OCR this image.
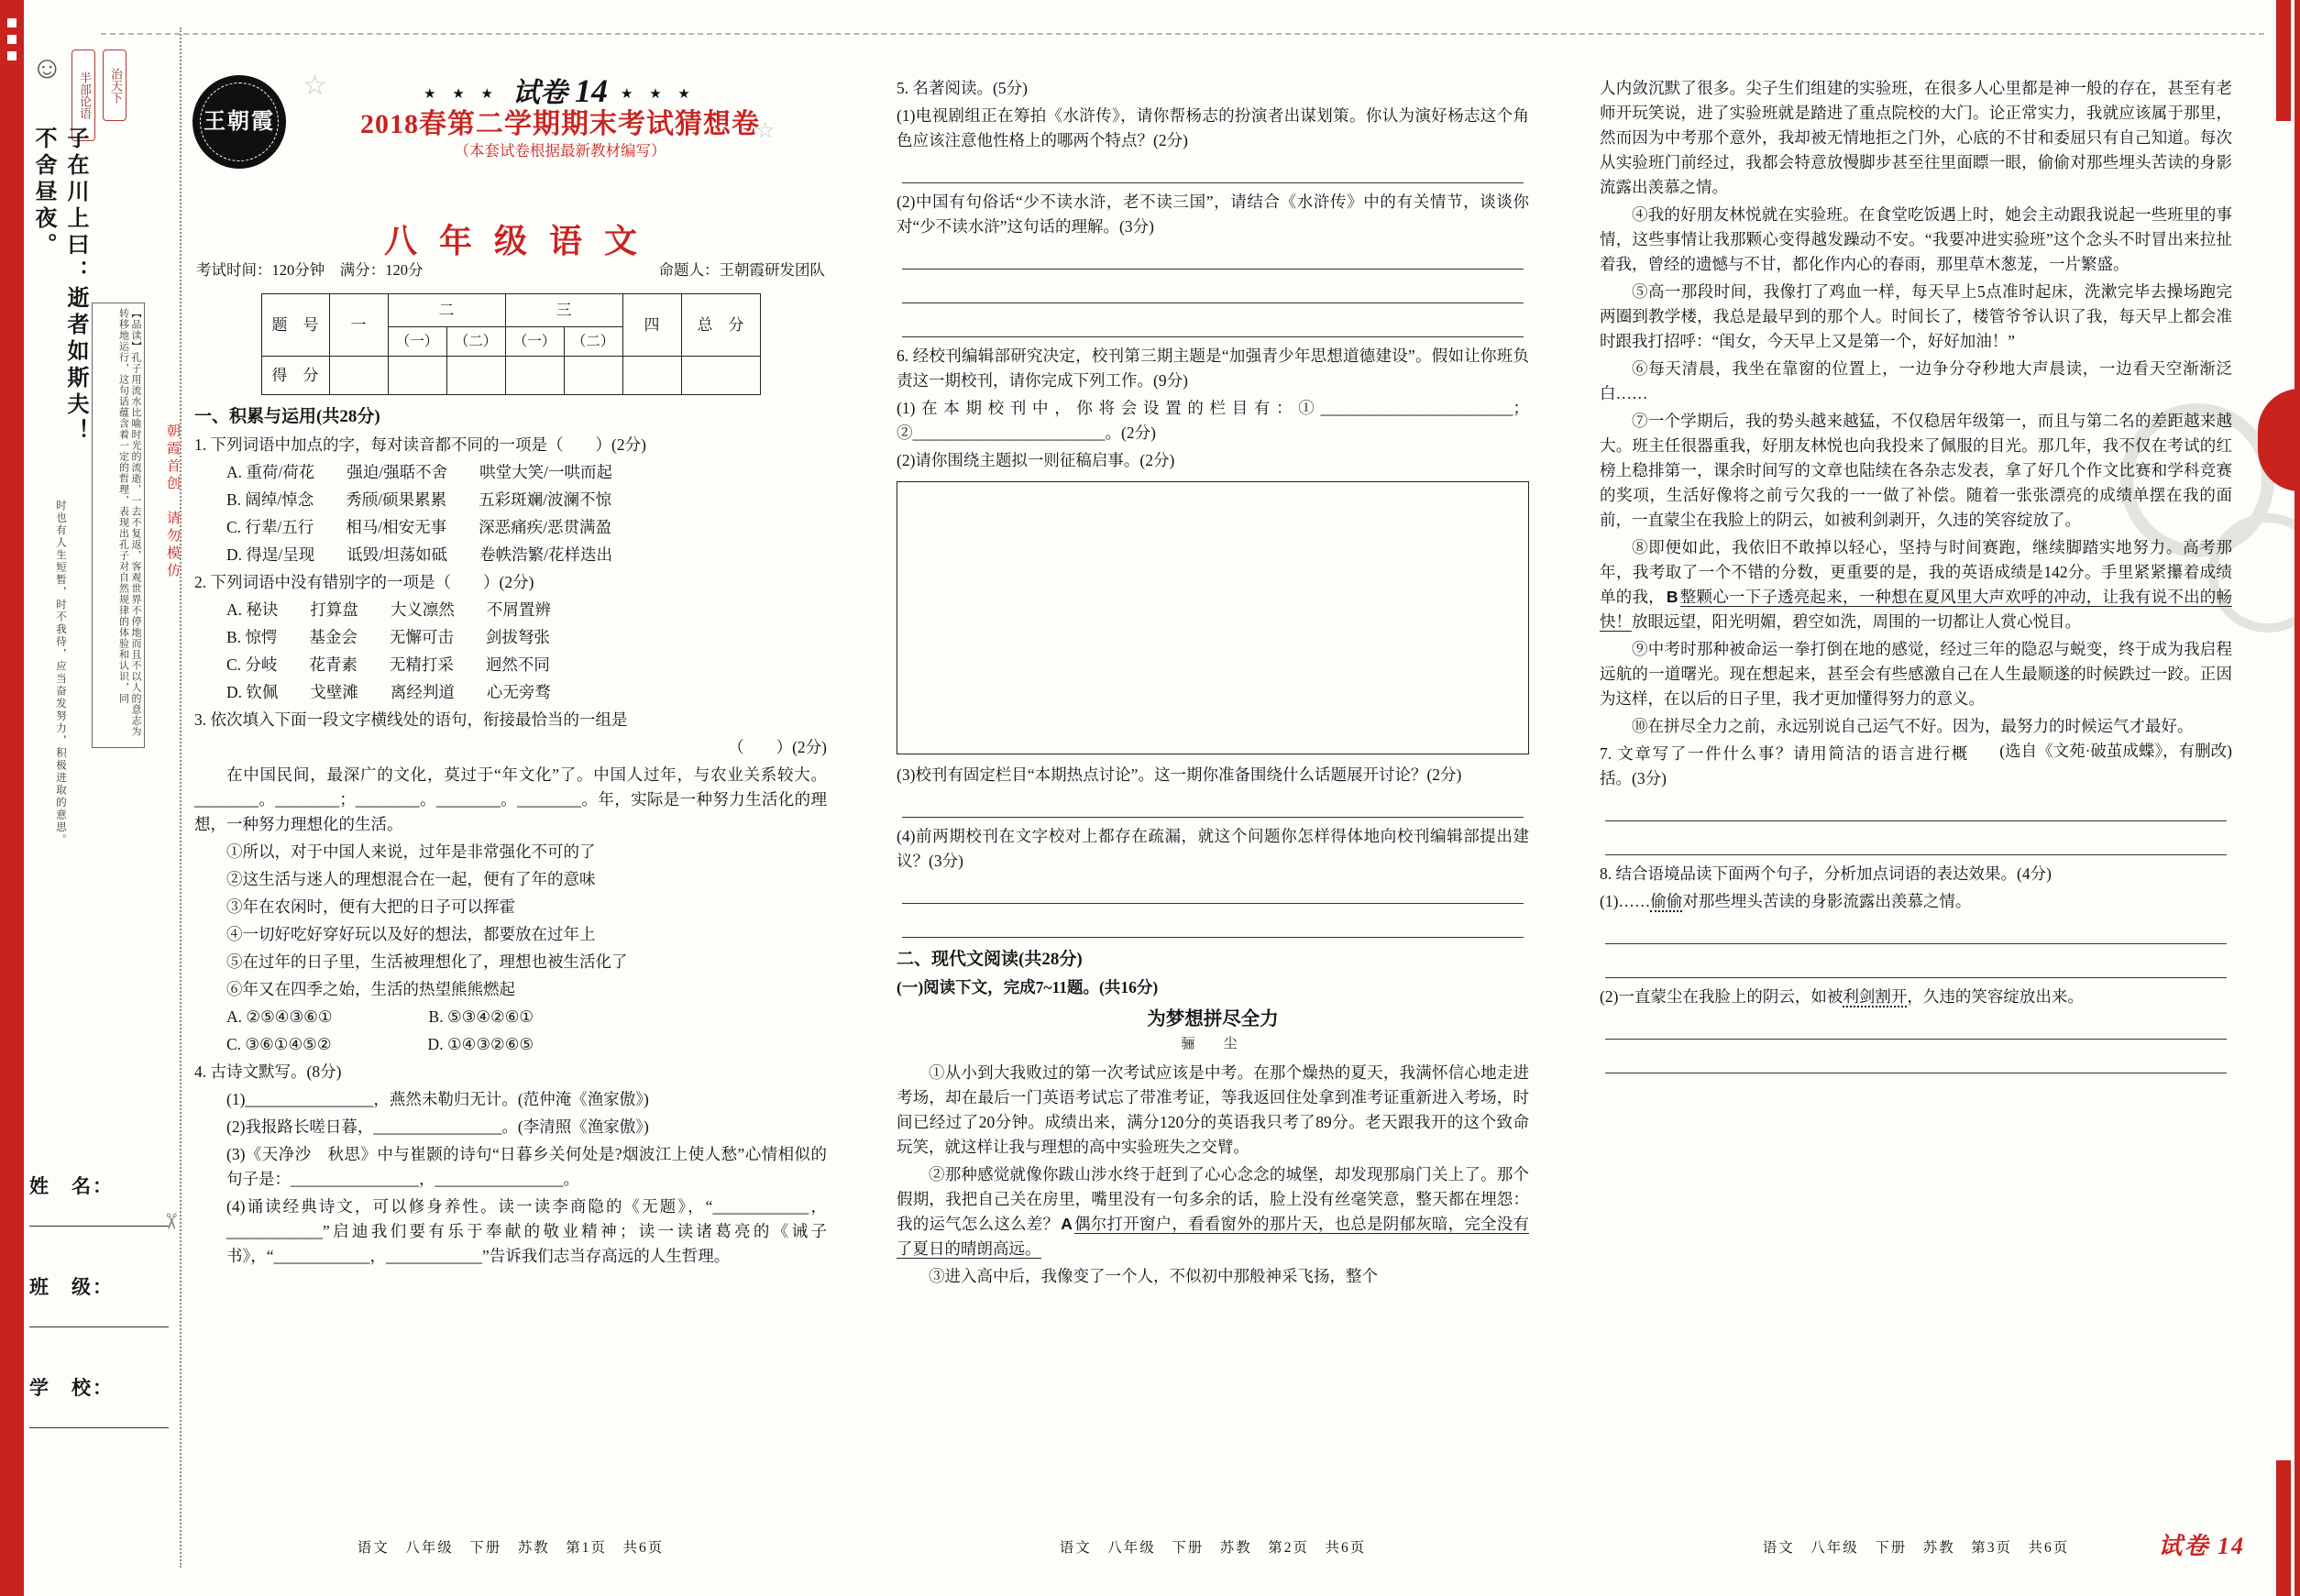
朝霞首创　请勿模仿
✂
☺
半部论语	治天下
子在川上曰：逝者如斯夫！不舍昼夜。
【品读】孔子用流水比喻时光的流逝，一去不复返，客观世界不停地而且不以人的意志为转移地运行，这句话蕴含着一定的哲理，表现出孔子对自然规律的体验和认识，同
时也有人生短暂，时不我待，应当奋发努力，积极进取的意思。
姓　名：
班　级：
学　校：
王朝霞
☆
☆
★ ★ ★ 试卷 14 ★ ★ ★
2018春第二学期期末考试猜想卷
（本套试卷根据最新教材编写）
八年级语文
考试时间：120分钟　满分：120分	命题人：王朝霞研发团队
题　号	一	二		三		四	总　分
		（一）	（二）	（一）	（二）		
得　分							
一、积累与运用(共28分)

1. 下列词语中加点的字，每对读音都不同的一项是（　　）(2分)

A. 重荷/荷花　　强迫/强聒不舍　　哄堂大笑/一哄而起

B. 阔绰/悼念　　秀颀/硕果累累　　五彩斑斓/波澜不惊

C. 行辈/五行　　相马/相安无事　　深恶痛疾/恶贯满盈

D. 得逞/呈现　　诋毁/坦荡如砥　　卷帙浩繁/花样迭出

2. 下列词语中没有错别字的一项是（　　）(2分)

A. 秘诀　　打算盘　　大义凛然　　不屑置辨

B. 惊愕　　基金会　　无懈可击　　剑拔弩张

C. 分岐　　花青素　　无精打采　　迥然不同

D. 钦佩　　戈壁滩　　离经判道　　心无旁骛

3. 依次填入下面一段文字横线处的语句，衔接最恰当的一组是

（　　）(2分)

在中国民间，最深广的文化，莫过于“年文化”了。中国人过年，与农业关系较大。________。________；________。________。________。年，实际是一种努力生活化的理想，一种努力理想化的生活。

①所以，对于中国人来说，过年是非常强化不可的了

②这生活与迷人的理想混合在一起，便有了年的意味

③年在农闲时，便有大把的日子可以挥霍

④一切好吃好穿好玩以及好的想法，都要放在过年上

⑤在过年的日子里，生活被理想化了，理想也被生活化了

⑥年又在四季之始，生活的热望熊熊燃起

A. ②⑤④③⑥①　　　　　　B. ⑤③④②⑥①

C. ③⑥①④⑤②　　　　　　D. ①④③②⑥⑤

4. 古诗文默写。(8分)

(1)________________，燕然未勒归无计。(范仲淹《渔家傲》)

(2)我报路长嗟日暮，________________。(李清照《渔家傲》)

(3)《天净沙　秋思》中与崔颢的诗句“日暮乡关何处是?烟波江上使人愁”心情相似的句子是：________________，________________。

(4)诵读经典诗文，可以修身养性。读一读李商隐的《无题》，“____________，____________”启迪我们要有乐于奉献的敬业精神；读一读诸葛亮的《诫子书》，“____________，____________”告诉我们志当存高远的人生哲理。

5. 名著阅读。(5分)

(1)电视剧组正在筹拍《水浒传》，请你帮杨志的扮演者出谋划策。你认为演好杨志这个角色应该注意他性格上的哪两个特点？(2分)

(2)中国有句俗话“少不读水浒，老不读三国”，请结合《水浒传》中的有关情节，谈谈你对“少不读水浒”这句话的理解。(3分)

6. 经校刊编辑部研究决定，校刊第三期主题是“加强青少年思想道德建设”。假如让你班负责这一期校刊，请你完成下列工作。(9分)

(1)在本期校刊中，你将会设置的栏目有：①________________________；②________________________。(2分)

(2)请你围绕主题拟一则征稿启事。(2分)

(3)校刊有固定栏目“本期热点讨论”。这一期你准备围绕什么话题展开讨论？(2分)

(4)前两期校刊在文字校对上都存在疏漏，就这个问题你怎样得体地向校刊编辑部提出建议？(3分)

二、现代文阅读(共28分)

(一)阅读下文，完成7~11题。(共16分)

为梦想拼尽全力
骊　尘

①从小到大我败过的第一次考试应该是中考。在那个燥热的夏天，我满怀信心地走进考场，却在最后一门英语考试忘了带准考证，等我返回住处拿到准考证重新进入考场，时间已经过了20分钟。成绩出来，满分120分的英语我只考了89分。老天跟我开的这个致命玩笑，就这样让我与理想的高中实验班失之交臂。

②那种感觉就像你跋山涉水终于赶到了心心念念的城堡，却发现那扇门关上了。那个假期，我把自己关在房里，嘴里没有一句多余的话，脸上没有丝毫笑意，整天都在埋怨：我的运气怎么这么差？ A 偶尔打开窗户，看看窗外的那片天，也总是阴郁灰暗，完全没有了夏日的晴朗高远。

③进入高中后，我像变了一个人，不似初中那般神采飞扬，整个

人内敛沉默了很多。尖子生们组建的实验班，在很多人心里都是神一般的存在，甚至有老师开玩笑说，进了实验班就是踏进了重点院校的大门。论正常实力，我就应该属于那里，然而因为中考那个意外，我却被无情地拒之门外，心底的不甘和委屈只有自己知道。每次从实验班门前经过，我都会特意放慢脚步甚至往里面瞟一眼，偷偷对那些埋头苦读的身影流露出羡慕之情。

④我的好朋友林悦就在实验班。在食堂吃饭遇上时，她会主动跟我说起一些班里的事情，这些事情让我那颗心变得越发躁动不安。“我要冲进实验班”这个念头不时冒出来拉扯着我，曾经的遗憾与不甘，都化作内心的春雨，那里草木葱茏，一片繁盛。

⑤高一那段时间，我像打了鸡血一样，每天早上5点准时起床，洗漱完毕去操场跑完两圈到教学楼，我总是最早到的那个人。时间长了，楼管爷爷认识了我，每天早上都会准时跟我打招呼：“闺女，今天早上又是第一个，好好加油！”

⑥每天清晨，我坐在靠窗的位置上，一边争分夺秒地大声晨读，一边看天空渐渐泛白……

⑦一个学期后，我的势头越来越猛，不仅稳居年级第一，而且与第二名的差距越来越大。班主任很器重我，好朋友林悦也向我投来了佩服的目光。那几年，我不仅在考试的红榜上稳排第一，课余时间写的文章也陆续在各杂志发表，拿了好几个作文比赛和学科竞赛的奖项，生活好像将之前亏欠我的一一做了补偿。随着一张张漂亮的成绩单摆在我的面前，一直蒙尘在我脸上的阴云，如被利剑剥开，久违的笑容绽放了。

⑧即便如此，我依旧不敢掉以轻心，坚持与时间赛跑，继续脚踏实地努力。高考那年，我考取了一个不错的分数，更重要的是，我的英语成绩是142分。手里紧紧攥着成绩单的我， B 整颗心一下子透亮起来，一种想在夏风里大声欢呼的冲动，让我有说不出的畅快！放眼远望，阳光明媚，碧空如洗，周围的一切都让人赏心悦目。

⑨中考时那种被命运一拳打倒在地的感觉，经过三年的隐忍与蜕变，终于成为我启程远航的一道曙光。现在想起来，甚至会有些感激自己在人生最顺遂的时候跌过一跤。正因为这样，在以后的日子里，我才更加懂得努力的意义。

⑩在拼尽全力之前，永远别说自己运气不好。因为，最努力的时候运气才最好。
(选自《文苑·破茧成蝶》，有删改)

7. 文章写了一件什么事？请用简洁的语言进行概括。(3分)

8. 结合语境品读下面两个句子，分析加点词语的表达效果。(4分)

(1)……偷偷对那些埋头苦读的身影流露出羡慕之情。

(2)一直蒙尘在我脸上的阴云，如被利剑割开，久违的笑容绽放出来。

语文　八年级　下册　苏教　第1页　共6页	语文　八年级　下册　苏教　第2页　共6页	语文　八年级　下册　苏教　第3页　共6页	试卷 14
